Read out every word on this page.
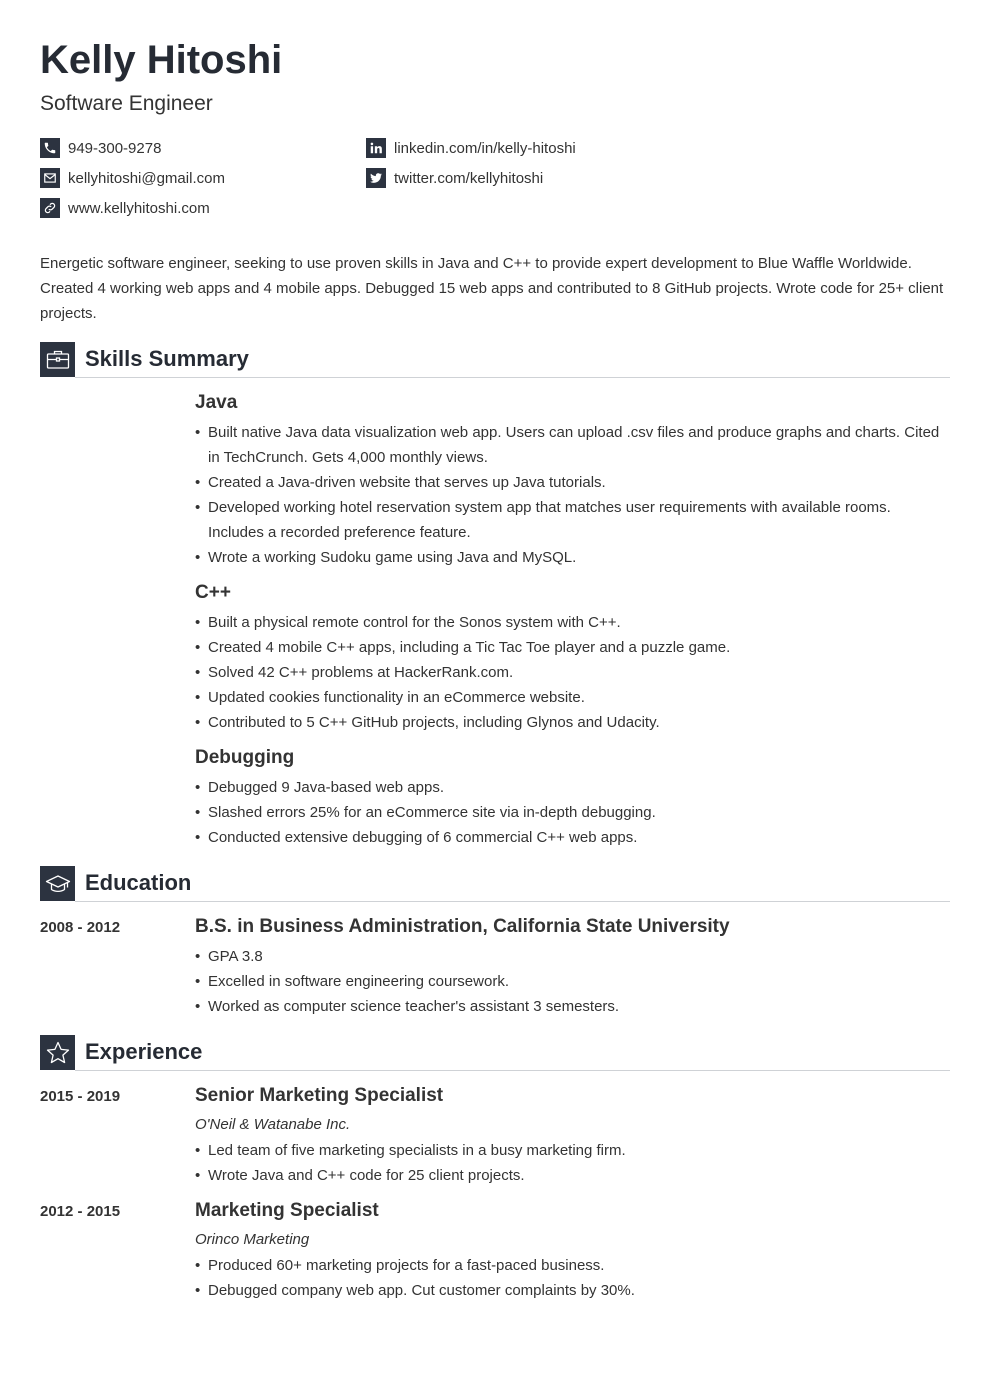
Kelly Hitoshi
Software Engineer
949-300-9278
kellyhitoshi@gmail.com
www.kellyhitoshi.com
linkedin.com/in/kelly-hitoshi
twitter.com/kellyhitoshi
Energetic software engineer, seeking to use proven skills in Java and C++ to provide expert development to Blue Waffle Worldwide. Created 4 working web apps and 4 mobile apps. Debugged 15 web apps and contributed to 8 GitHub projects. Wrote code for 25+ client projects.
Skills Summary
Java
• Built native Java data visualization web app. Users can upload .csv files and produce graphs and charts. Cited in TechCrunch. Gets 4,000 monthly views.
• Created a Java-driven website that serves up Java tutorials.
• Developed working hotel reservation system app that matches user requirements with available rooms. Includes a recorded preference feature.
• Wrote a working Sudoku game using Java and MySQL.
C++
• Built a physical remote control for the Sonos system with C++.
• Created 4 mobile C++ apps, including a Tic Tac Toe player and a puzzle game.
• Solved 42 C++ problems at HackerRank.com.
• Updated cookies functionality in an eCommerce website.
• Contributed to 5 C++ GitHub projects, including Glynos and Udacity.
Debugging
• Debugged 9 Java-based web apps.
• Slashed errors 25% for an eCommerce site via in-depth debugging.
• Conducted extensive debugging of 6 commercial C++ web apps.
Education
2008 - 2012	B.S. in Business Administration, California State University
• GPA 3.8
• Excelled in software engineering coursework.
• Worked as computer science teacher's assistant 3 semesters.
Experience
2015 - 2019	Senior Marketing Specialist
O'Neil & Watanabe Inc.
• Led team of five marketing specialists in a busy marketing firm.
• Wrote Java and C++ code for 25 client projects.
2012 - 2015	Marketing Specialist
Orinco Marketing
• Produced 60+ marketing projects for a fast-paced business.
• Debugged company web app. Cut customer complaints by 30%.
